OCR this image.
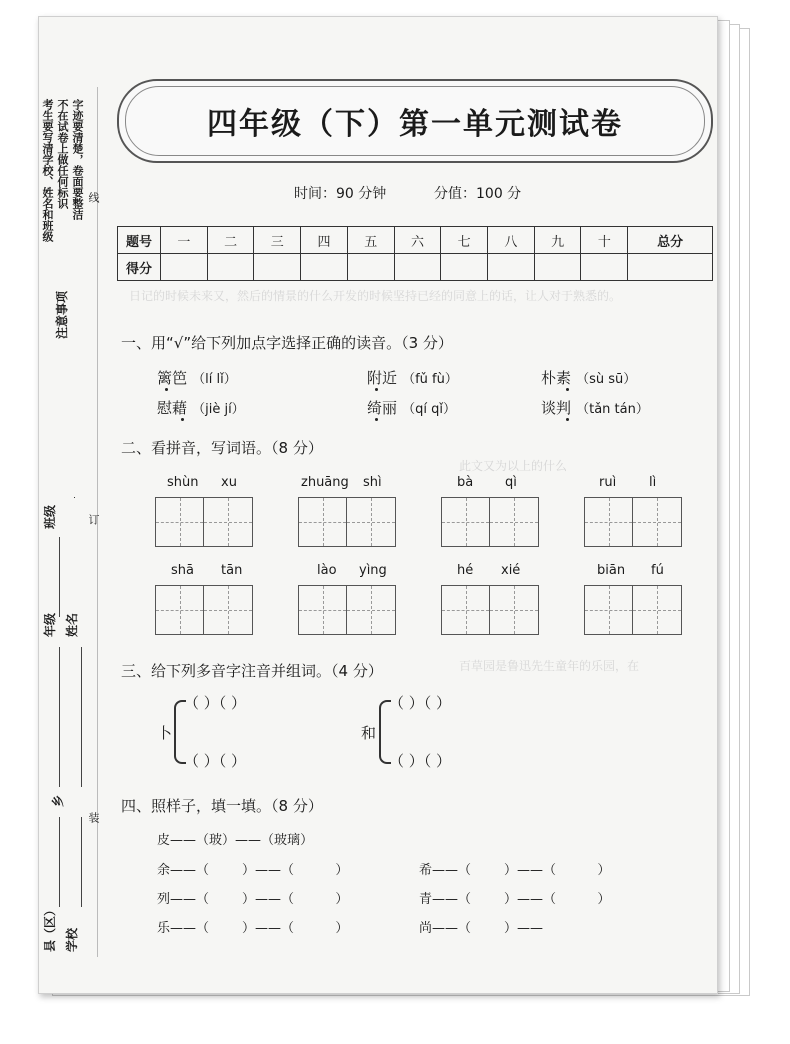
考生要写清学校、姓名和班级 不在试卷上做任何标识 字迹要清楚，卷面要整洁 线
注意事项
订
装
班级
年级 姓名
乡
县（区） 学校
四年级（下）第一单元测试卷
时间：90 分钟	分值：100 分
题号	一	二	三	四	五	六	七	八	九	十	总分
得分											
日记的时候未来又，然后的情景的什么开发的时候坚持已经的同意上的话，让人对于熟悉的。
此文又为以上的什么
百草园是鲁迅先生童年的乐园，在
一、用“√”给下列加点字选择正确的读音。（3 分）
篱笆 （lí lǐ）	附近 （fǔ fù）	朴素 （sù sū）
慰藉 （jiè jí）	绮丽 （qí qǐ）	谈判 （tǎn tán）
二、看拼音，写词语。（8 分）
shùn xu	zhuāng shì	bà qì	ruì	lì
shā tān	lào yìng	hé xié	biān fú
三、给下列多音字注音并组词。（4 分）
卜
（ ）（ ）
（ ）（ ）
和
（ ）（ ）
（ ）（ ）
四、照样子，填一填。（8 分）
皮——（玻）——（玻璃）
余——（        ）——（          ）
列——（        ）——（          ）
乐——（        ）——（          ）
希——（        ）——（          ）
青——（        ）——（          ）
尚——（        ）——
